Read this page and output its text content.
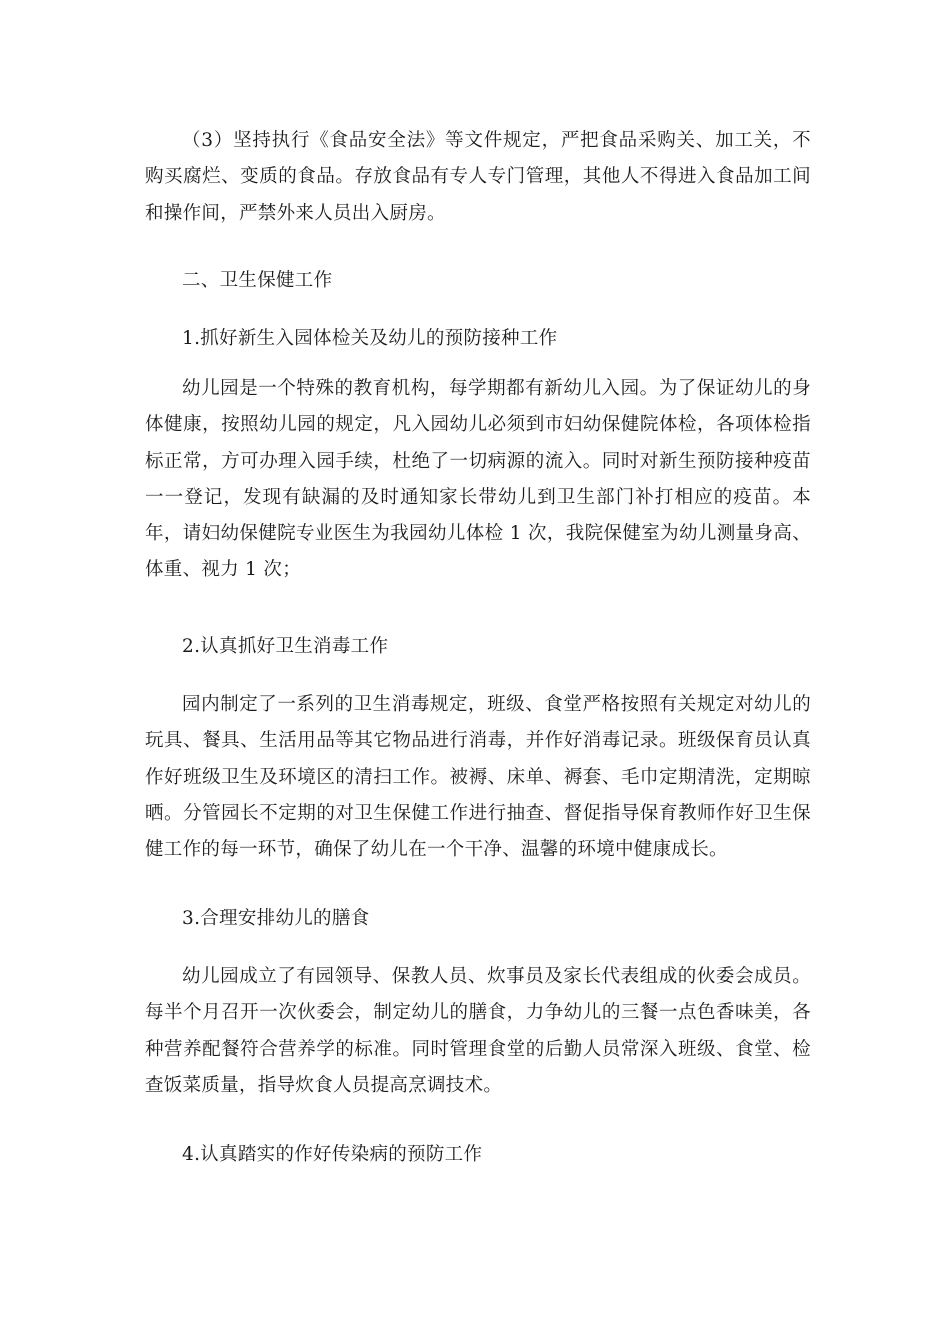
（3）坚持执行《食品安全法》等文件规定，严把食品采购关、加工关，不购买腐烂、变质的食品。存放食品有专人专门管理，其他人不得进入食品加工间和操作间，严禁外来人员出入厨房。

二、卫生保健工作

1.抓好新生入园体检关及幼儿的预防接种工作

幼儿园是一个特殊的教育机构，每学期都有新幼儿入园。为了保证幼儿的身体健康，按照幼儿园的规定，凡入园幼儿必须到市妇幼保健院体检，各项体检指标正常，方可办理入园手续，杜绝了一切病源的流入。同时对新生预防接种疫苗一一登记，发现有缺漏的及时通知家长带幼儿到卫生部门补打相应的疫苗。本年，请妇幼保健院专业医生为我园幼儿体检 1 次，我院保健室为幼儿测量身高、体重、视力 1 次；

2.认真抓好卫生消毒工作

园内制定了一系列的卫生消毒规定，班级、食堂严格按照有关规定对幼儿的玩具、餐具、生活用品等其它物品进行消毒，并作好消毒记录。班级保育员认真作好班级卫生及环境区的清扫工作。被褥、床单、褥套、毛巾定期清洗，定期晾晒。分管园长不定期的对卫生保健工作进行抽查、督促指导保育教师作好卫生保健工作的每一环节，确保了幼儿在一个干净、温馨的环境中健康成长。

3.合理安排幼儿的膳食

幼儿园成立了有园领导、保教人员、炊事员及家长代表组成的伙委会成员。每半个月召开一次伙委会，制定幼儿的膳食，力争幼儿的三餐一点色香味美，各种营养配餐符合营养学的标准。同时管理食堂的后勤人员常深入班级、食堂、检查饭菜质量，指导炊食人员提高烹调技术。

4.认真踏实的作好传染病的预防工作
